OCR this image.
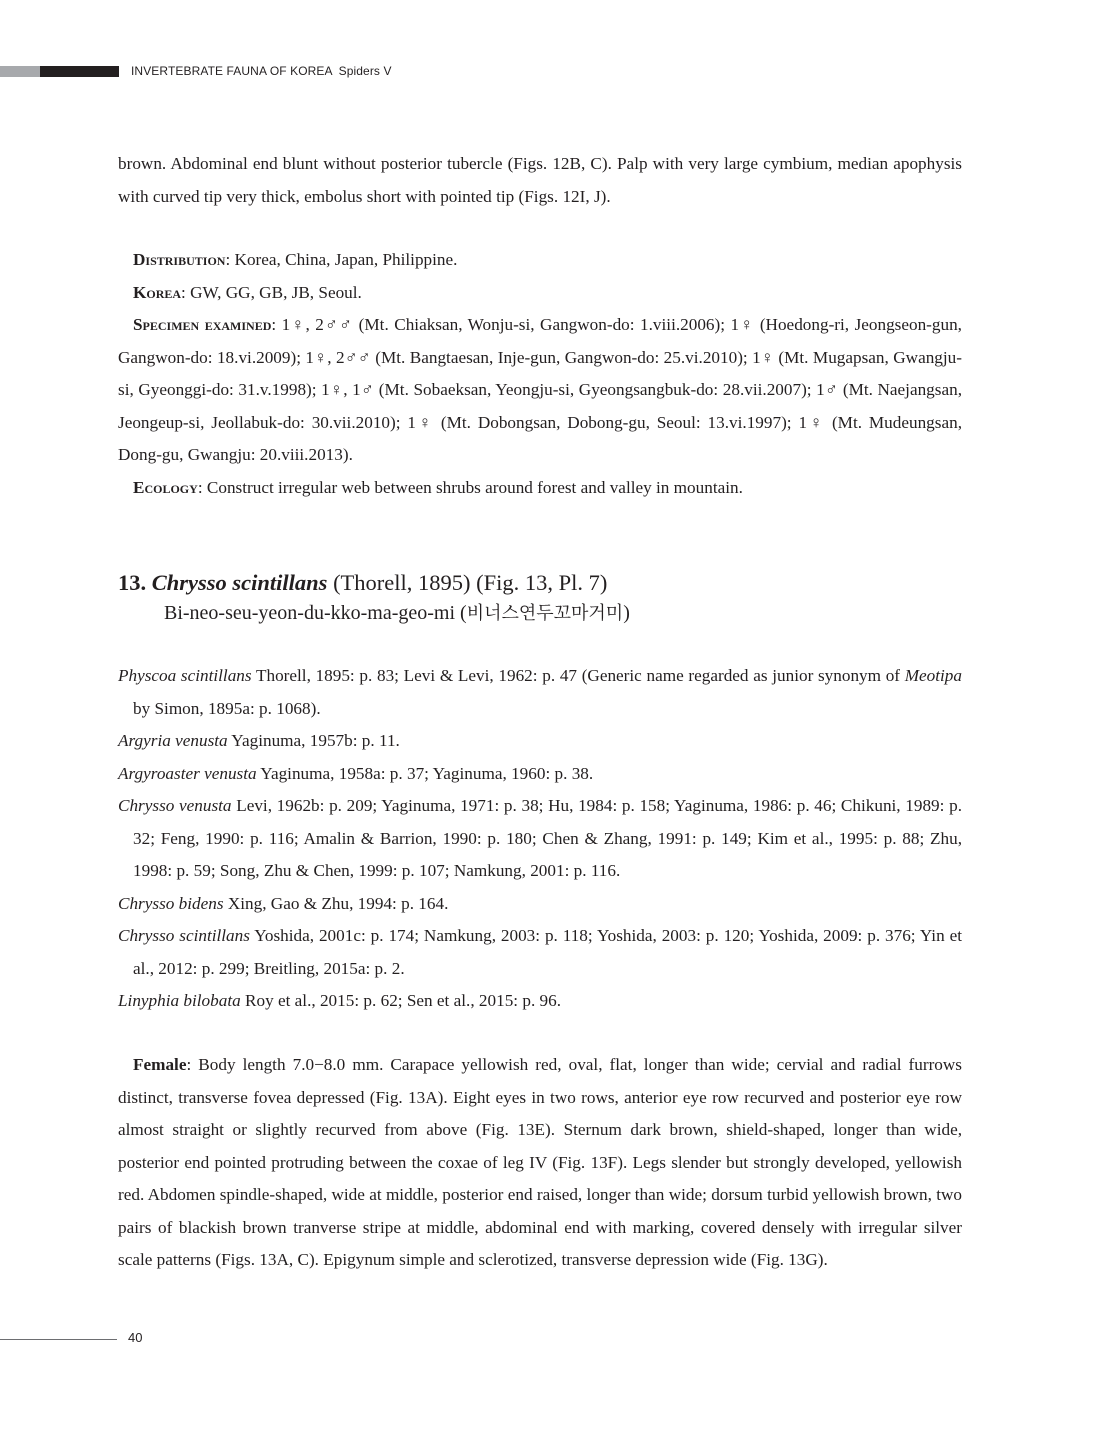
INVERTEBRATE FAUNA OF KOREA Spiders V

brown. Abdominal end blunt without posterior tubercle (Figs. 12B, C). Palp with very large cymbium, median apophysis with curved tip very thick, embolus short with pointed tip (Figs. 12I, J).

Distribution: Korea, China, Japan, Philippine.

Korea: GW, GG, GB, JB, Seoul.

Specimen examined: 1♀, 2♂♂ (Mt. Chiaksan, Wonju-si, Gangwon-do: 1.viii.2006); 1♀ (Hoedong-ri, Jeongseon-gun, Gangwon-do: 18.vi.2009); 1♀, 2♂♂ (Mt. Bangtaesan, Inje-gun, Gangwon-do: 25.vi.2010); 1♀ (Mt. Mugapsan, Gwangju-si, Gyeonggi-do: 31.v.1998); 1♀, 1♂ (Mt. Sobaeksan, Yeongju-si, Gyeongsangbuk-do: 28.vii.2007); 1♂ (Mt. Naejangsan, Jeongeup-si, Jeollabuk-do: 30.vii.2010); 1♀ (Mt. Dobongsan, Dobong-gu, Seoul: 13.vi.1997); 1♀ (Mt. Mudeungsan, Dong-gu, Gwangju: 20.viii.2013).

Ecology: Construct irregular web between shrubs around forest and valley in mountain.

13. Chrysso scintillans (Thorell, 1895) (Fig. 13, Pl. 7)
Bi-neo-seu-yeon-du-kko-ma-geo-mi (비너스연두꼬마거미)

Physcoa scintillans Thorell, 1895: p. 83; Levi & Levi, 1962: p. 47 (Generic name regarded as junior synonym of Meotipa by Simon, 1895a: p. 1068).

Argyria venusta Yaginuma, 1957b: p. 11.

Argyroaster venusta Yaginuma, 1958a: p. 37; Yaginuma, 1960: p. 38.

Chrysso venusta Levi, 1962b: p. 209; Yaginuma, 1971: p. 38; Hu, 1984: p. 158; Yaginuma, 1986: p. 46; Chikuni, 1989: p. 32; Feng, 1990: p. 116; Amalin & Barrion, 1990: p. 180; Chen & Zhang, 1991: p. 149; Kim et al., 1995: p. 88; Zhu, 1998: p. 59; Song, Zhu & Chen, 1999: p. 107; Namkung, 2001: p. 116.

Chrysso bidens Xing, Gao & Zhu, 1994: p. 164.

Chrysso scintillans Yoshida, 2001c: p. 174; Namkung, 2003: p. 118; Yoshida, 2003: p. 120; Yoshida, 2009: p. 376; Yin et al., 2012: p. 299; Breitling, 2015a: p. 2.

Linyphia bilobata Roy et al., 2015: p. 62; Sen et al., 2015: p. 96.

Female: Body length 7.0−8.0 mm. Carapace yellowish red, oval, flat, longer than wide; cervial and radial furrows distinct, transverse fovea depressed (Fig. 13A). Eight eyes in two rows, anterior eye row recurved and posterior eye row almost straight or slightly recurved from above (Fig. 13E). Sternum dark brown, shield-shaped, longer than wide, posterior end pointed protruding between the coxae of leg IV (Fig. 13F). Legs slender but strongly developed, yellowish red. Abdomen spindle-shaped, wide at middle, posterior end raised, longer than wide; dorsum turbid yellowish brown, two pairs of blackish brown tranverse stripe at middle, abdominal end with marking, covered densely with irregular silver scale patterns (Figs. 13A, C). Epigynum simple and sclerotized, transverse depression wide (Fig. 13G).

40
